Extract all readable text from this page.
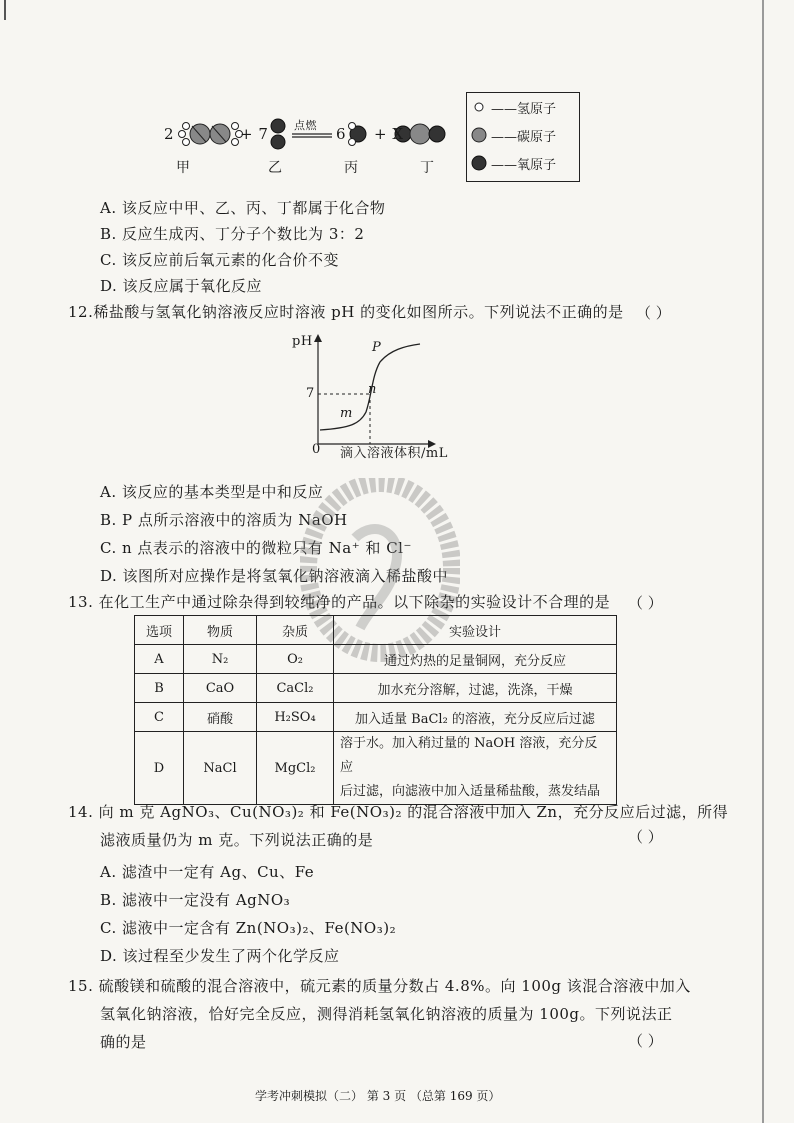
2	+ 7 点燃 6 + X
甲	乙	丙	丁
——氢原子
——碳原子
——氧原子
A. 该反应中甲、乙、丙、丁都属于化合物
B. 反应生成丙、丁分子个数比为 3：2
C. 该反应前后氧元素的化合价不变
D. 该反应属于氧化反应
12.稀盐酸与氢氧化钠溶液反应时溶液 pH 的变化如图所示。下列说法不正确的是 （ ）
pH
7
0 滴入溶液体积/mL
P
n
m
A. 该反应的基本类型是中和反应
B. P 点所示溶液中的溶质为 NaOH
C. n 点表示的溶液中的微粒只有 Na⁺ 和 Cl⁻
D. 该图所对应操作是将氢氧化钠溶液滴入稀盐酸中
13. 在化工生产中通过除杂得到较纯净的产品。以下除杂的实验设计不合理的是 （ ）
选项	物质	杂质	实验设计
A	N₂	O₂	通过灼热的足量铜网，充分反应
B	CaO	CaCl₂	加水充分溶解，过滤，洗涤，干燥
C	硝酸	H₂SO₄	加入适量 BaCl₂ 的溶液，充分反应后过滤
D	NaCl	MgCl₂	溶于水。加入稍过量的 NaOH 溶液，充分反应
后过滤，向滤液中加入适量稀盐酸，蒸发结晶
14. 向 m 克 AgNO₃、Cu(NO₃)₂ 和 Fe(NO₃)₂ 的混合溶液中加入 Zn，充分反应后过滤，所得
滤液质量仍为 m 克。下列说法正确的是	（ ）
A. 滤渣中一定有 Ag、Cu、Fe
B. 滤液中一定没有 AgNO₃
C. 滤液中一定含有 Zn(NO₃)₂、Fe(NO₃)₂
D. 该过程至少发生了两个化学反应
15. 硫酸镁和硫酸的混合溶液中，硫元素的质量分数占 4.8%。向 100g 该混合溶液中加入
氢氧化钠溶液，恰好完全反应，测得消耗氢氧化钠溶液的质量为 100g。下列说法正
确的是	（ ）
学考冲刺模拟（二） 第 3 页 （总第 169 页）
